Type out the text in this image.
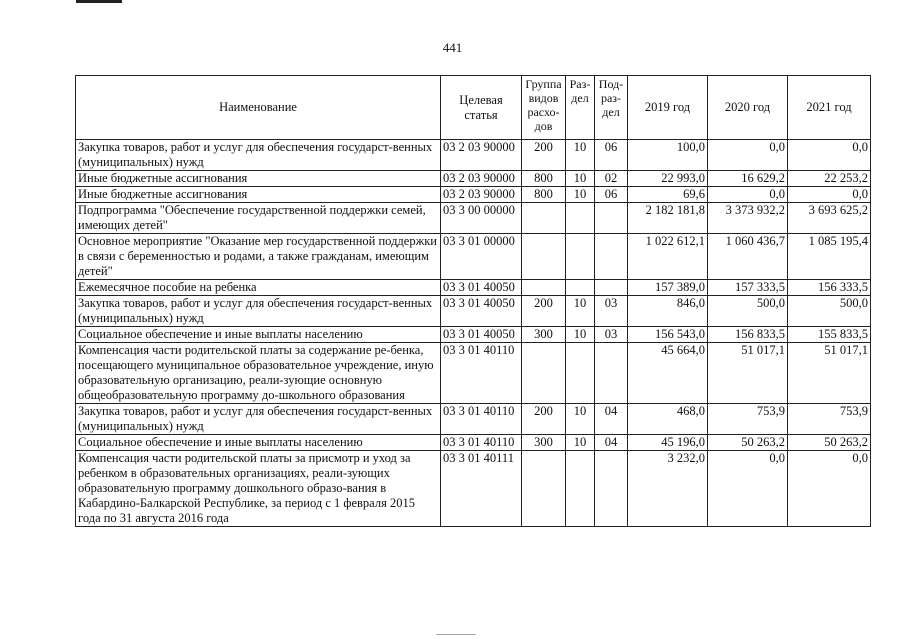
441
Наименование	Целевая статья	Группа видов расхо-дов	Раз-дел	Под-раз-дел	2019 год	2020 год	2021 год
Закупка товаров, работ и услуг для обеспечения государст-венных (муниципальных) нужд	03 2 03 90000	200	10	06	100,0	0,0	0,0
Иные бюджетные ассигнования	03 2 03 90000	800	10	02	22 993,0	16 629,2	22 253,2
Иные бюджетные ассигнования	03 2 03 90000	800	10	06	69,6	0,0	0,0
Подпрограмма "Обеспечение государственной поддержки семей, имеющих детей"	03 3 00 00000				2 182 181,8	3 373 932,2	3 693 625,2
Основное мероприятие "Оказание мер государственной поддержки в связи с беременностью и родами, а также гражданам, имеющим детей"	03 3 01 00000				1 022 612,1	1 060 436,7	1 085 195,4
Ежемесячное пособие на ребенка	03 3 01 40050				157 389,0	157 333,5	156 333,5
Закупка товаров, работ и услуг для обеспечения государст-венных (муниципальных) нужд	03 3 01 40050	200	10	03	846,0	500,0	500,0
Социальное обеспечение и иные выплаты населению	03 3 01 40050	300	10	03	156 543,0	156 833,5	155 833,5
Компенсация части родительской платы за содержание ре-бенка, посещающего муниципальное образовательное учреждение, иную образовательную организацию, реали-зующие основную общеобразовательную программу до-школьного образования	03 3 01 40110				45 664,0	51 017,1	51 017,1
Закупка товаров, работ и услуг для обеспечения государст-венных (муниципальных) нужд	03 3 01 40110	200	10	04	468,0	753,9	753,9
Социальное обеспечение и иные выплаты населению	03 3 01 40110	300	10	04	45 196,0	50 263,2	50 263,2
Компенсация части родительской платы за присмотр и уход за ребенком в образовательных организациях, реали-зующих образовательную программу дошкольного образо-вания в Кабардино-Балкарской Республике, за период с 1 февраля 2015 года по 31 августа 2016 года	03 3 01 40111				3 232,0	0,0	0,0
